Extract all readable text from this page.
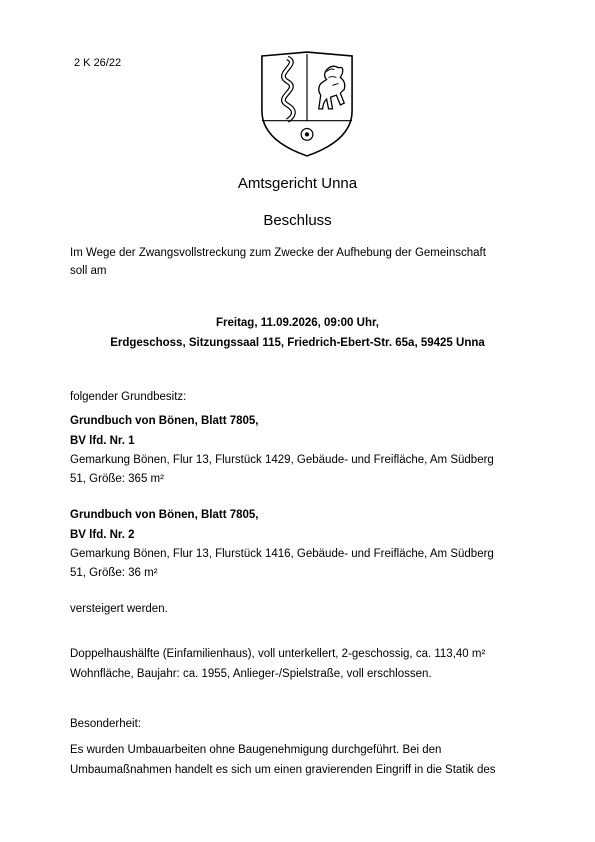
2 K 26/22
Amtsgericht Unna
Beschluss
Im Wege der Zwangsvollstreckung zum Zwecke der Aufhebung der Gemeinschaft
soll am
Freitag, 11.09.2026, 09:00 Uhr,
Erdgeschoss, Sitzungssaal 115, Friedrich-Ebert-Str. 65a, 59425 Unna
folgender Grundbesitz:
Grundbuch von Bönen, Blatt 7805,
BV lfd. Nr. 1
Gemarkung Bönen, Flur 13, Flurstück 1429, Gebäude- und Freifläche, Am Südberg
51, Größe: 365 m²
Grundbuch von Bönen, Blatt 7805,
BV lfd. Nr. 2
Gemarkung Bönen, Flur 13, Flurstück 1416, Gebäude- und Freifläche, Am Südberg
51, Größe: 36 m²
versteigert werden.
Doppelhaushälfte (Einfamilienhaus), voll unterkellert, 2-geschossig, ca. 113,40 m²
Wohnfläche, Baujahr: ca. 1955, Anlieger-/Spielstraße, voll erschlossen.
Besonderheit:
Es wurden Umbauarbeiten ohne Baugenehmigung durchgeführt. Bei den
Umbaumaßnahmen handelt es sich um einen gravierenden Eingriff in die Statik des
